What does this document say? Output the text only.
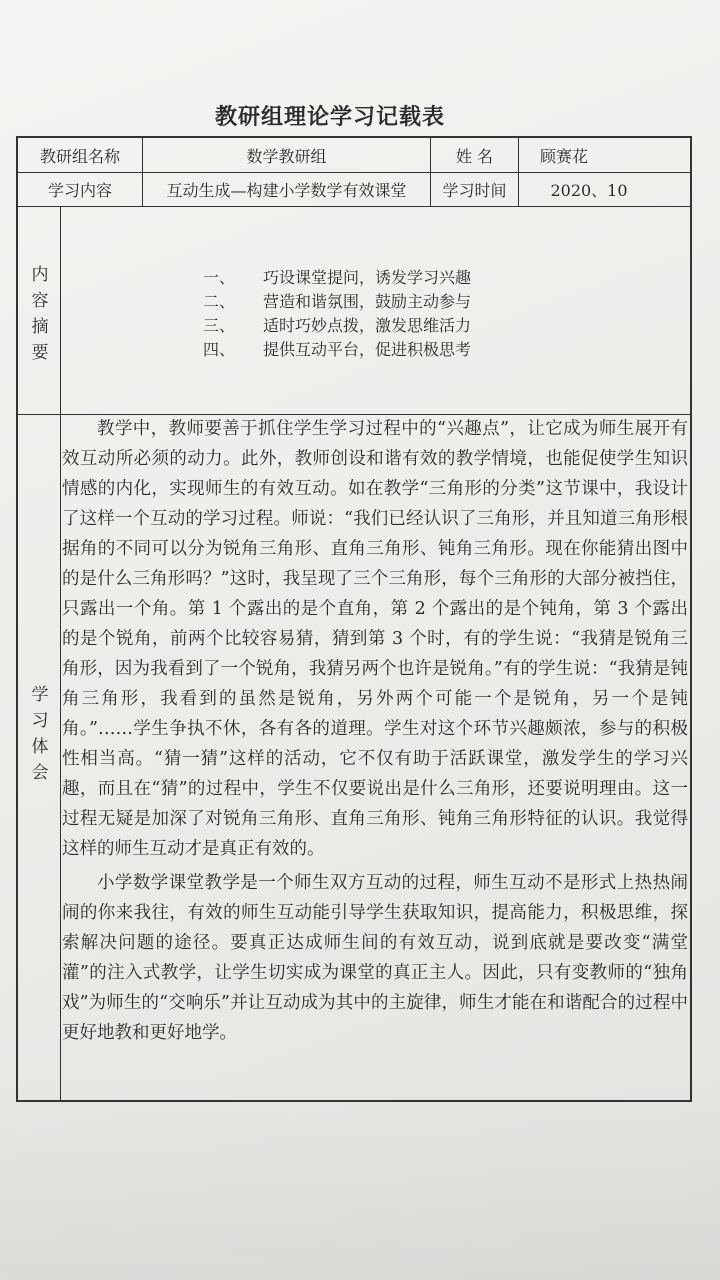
教研组理论学习记载表
教研组名称	数学教研组	姓 名	顾赛花
学习内容	互动生成—构建小学数学有效课堂	学习时间	2020、10
内
容
摘
要
一、	巧设课堂提问，诱发学习兴趣
二、	营造和谐氛围，鼓励主动参与
三、	适时巧妙点拨，激发思维活力
四、	提供互动平台，促进积极思考
学
习
体
会

教学中，教师要善于抓住学生学习过程中的“兴趣点”，让它成为师生展开有效互动所必须的动力。此外，教师创设和谐有效的教学情境，也能促使学生知识情感的内化，实现师生的有效互动。如在教学“三角形的分类”这节课中，我设计了这样一个互动的学习过程。师说：“我们已经认识了三角形，并且知道三角形根据角的不同可以分为锐角三角形、直角三角形、钝角三角形。现在你能猜出图中的是什么三角形吗？”这时，我呈现了三个三角形，每个三角形的大部分被挡住，只露出一个角。第 1 个露出的是个直角，第 2 个露出的是个钝角，第 3 个露出的是个锐角，前两个比较容易猜，猜到第 3 个时，有的学生说：“我猜是锐角三角形，因为我看到了一个锐角，我猜另两个也许是锐角。”有的学生说：“我猜是钝角三角形，我看到的虽然是锐角，另外两个可能一个是锐角，另一个是钝角。”……学生争执不休，各有各的道理。学生对这个环节兴趣颇浓，参与的积极性相当高。“猜一猜”这样的活动，它不仅有助于活跃课堂，激发学生的学习兴趣，而且在“猜”的过程中，学生不仅要说出是什么三角形，还要说明理由。这一过程无疑是加深了对锐角三角形、直角三角形、钝角三角形特征的认识。我觉得这样的师生互动才是真正有效的。

小学数学课堂教学是一个师生双方互动的过程，师生互动不是形式上热热闹闹的你来我往，有效的师生互动能引导学生获取知识，提高能力，积极思维，探索解决问题的途径。要真正达成师生间的有效互动，说到底就是要改变“满堂灌”的注入式教学，让学生切实成为课堂的真正主人。因此，只有变教师的“独角戏”为师生的“交响乐”并让互动成为其中的主旋律，师生才能在和谐配合的过程中更好地教和更好地学。
